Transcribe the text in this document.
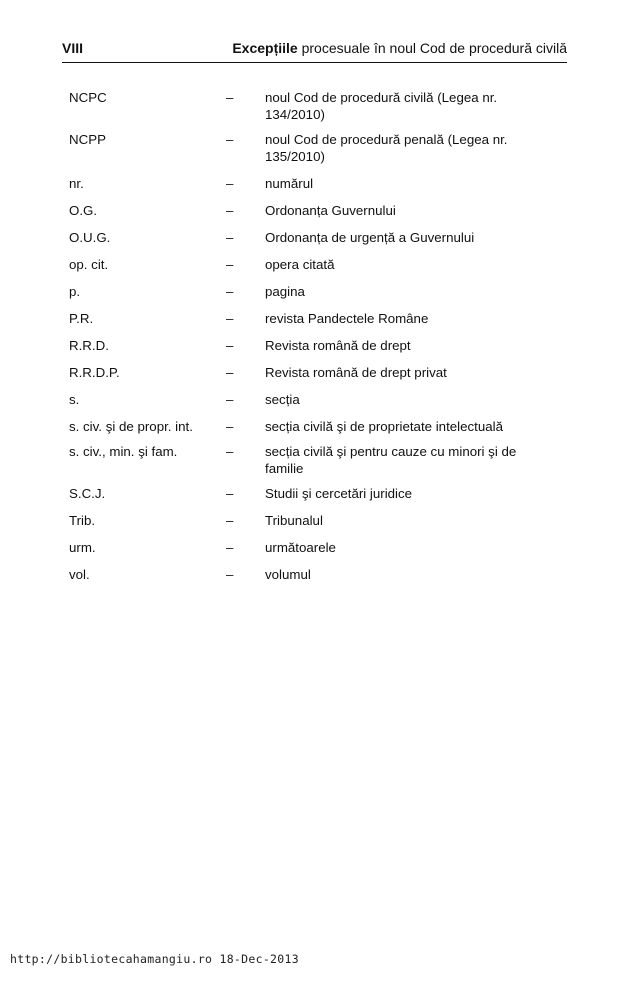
VIII	Excepțiile procesuale în noul Cod de procedură civilă
NCPC	– noul Cod de procedură civilă (Legea nr. 134/2010)
NCPP	– noul Cod de procedură penală (Legea nr. 135/2010)
nr.	– numărul
O.G.	– Ordonanța Guvernului
O.U.G.	– Ordonanța de urgență a Guvernului
op. cit.	– opera citată
p.	– pagina
P.R.	– revista Pandectele Române
R.R.D.	– Revista română de drept
R.R.D.P.	– Revista română de drept privat
s.	– secția
s. civ. şi de propr. int.	– secția civilă şi de proprietate intelectuală
s. civ., min. şi fam.	– secția civilă şi pentru cauze cu minori şi de familie
S.C.J.	– Studii şi cercetări juridice
Trib.	– Tribunalul
urm.	– următoarele
vol.	– volumul
http://bibliotecahamangiu.ro 18-Dec-2013
